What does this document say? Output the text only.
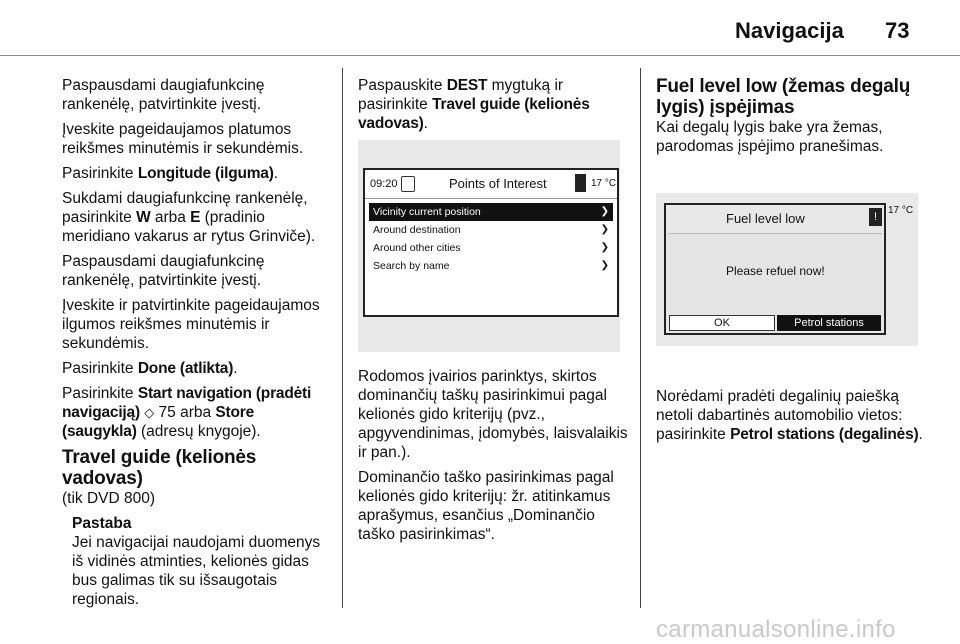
Navigacija 73

Paspausdami daugiafunkcinę rankenėlę, patvirtinkite įvestį.

Įveskite pageidaujamos platumos reikšmes minutėmis ir sekundėmis.

Pasirinkite Longitude (ilguma).

Sukdami daugiafunkcinę rankenėlę, pasirinkite W arba E (pradinio meridiano vakarus ar rytus Grinviče).

Paspausdami daugiafunkcinę rankenėlę, patvirtinkite įvestį.

Įveskite ir patvirtinkite pageidaujamos ilgumos reikšmes minutėmis ir sekundėmis.

Pasirinkite Done (atlikta).

Pasirinkite Start navigation (pradėti navigaciją) ◇ 75 arba Store (saugykla) (adresų knygoje).

Travel guide (kelionės vadovas)

(tik DVD 800)

Pastaba
Jei navigacijai naudojami duomenys iš vidinės atminties, kelionės gidas bus galimas tik su išsaugotais regionais.

Paspauskite DEST mygtuką ir pasirinkite Travel guide (kelionės vadovas).

09:20	Points of Interest	17 °C
Vicinity current position	❯
Around destination	❯
Around other cities	❯
Search by name	❯

Rodomos įvairios parinktys, skirtos dominančių taškų pasirinkimui pagal kelionės gido kriterijų (pvz., apgyvendinimas, įdomybės, laisvalaikis ir pan.).

Dominančio taško pasirinkimas pagal kelionės gido kriterijų: žr. atitinkamus aprašymus, esančius „Dominančio taško pasirinkimas“.

Fuel level low (žemas degalų lygis) įspėjimas

Kai degalų lygis bake yra žemas, parodomas įspėjimo pranešimas.

Fuel level low	!
Please refuel now!
OK	Petrol stations
17 °C

Norėdami pradėti degalinių paiešką netoli dabartinės automobilio vietos: pasirinkite Petrol stations (degalinės).

carmanualsonline.info
